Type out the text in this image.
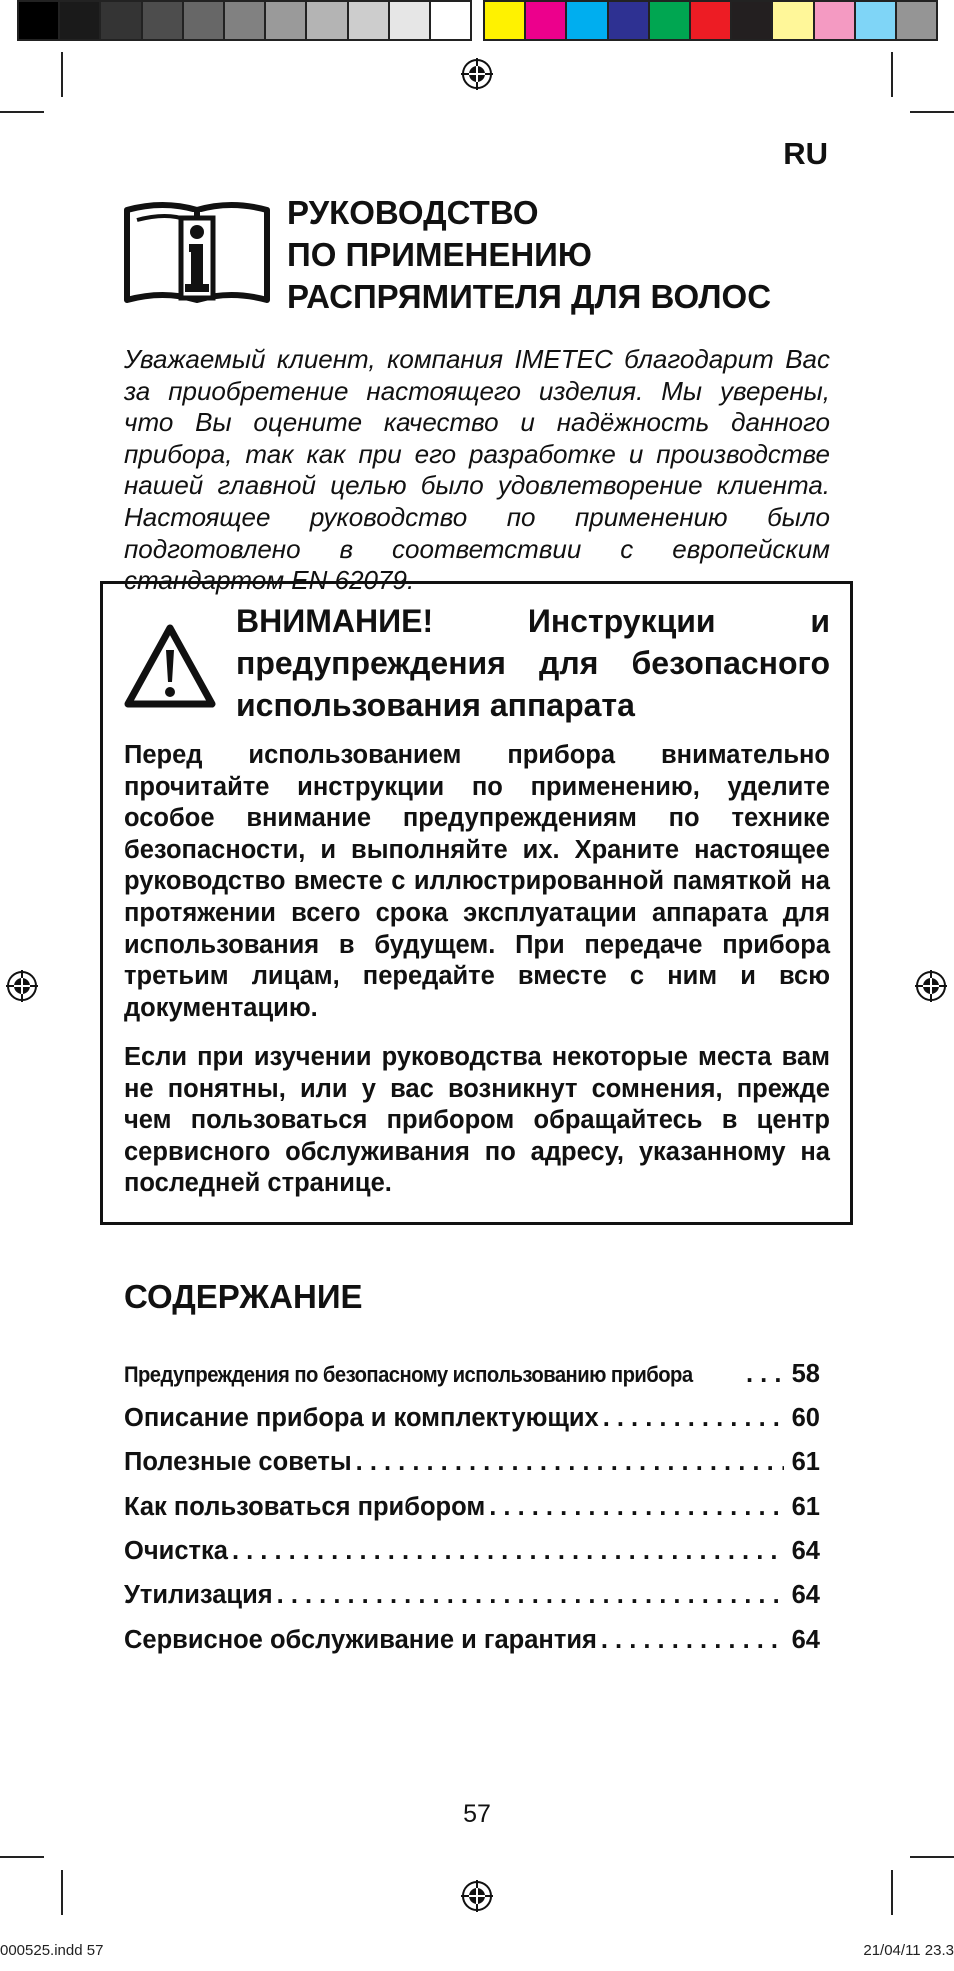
RU
РУКОВОДСТВО
ПО ПРИМЕНЕНИЮ
РАСПРЯМИТЕЛЯ ДЛЯ ВОЛОС
Уважаемый клиент, компания IMETEC благодарит Вас за приобретение настоящего изделия. Мы уверены, что Вы оцените качество и надёжность данного прибора, так как при его разработке и производстве нашей главной целью было удовлетворение клиента. Настоящее руководство по применению было подготовлено в соответствии с европейским стандартом EN 62079.
ВНИМАНИЕ! Инструкции и предупреждения для безопасного использования аппарата
Перед использованием прибора внимательно прочитайте инструкции по применению, уделите особое внимание предупреждениям по технике безопасности, и выполняйте их. Храните настоящее руководство вместе с иллюстрированной памяткой на протяжении всего срока эксплуатации аппарата для использования в будущем. При передаче прибора третьим лицам, передайте вместе с ним и всю документацию.
Если при изучении руководства некоторые места вам не понятны, или у вас возникнут сомнения, прежде чем пользоваться прибором обращайтесь в центр сервисного обслуживания по адресу, указанному на последней странице.
СОДЕРЖАНИЕ
Предупреждения по безопасному использованию прибора . . .	58
Описание прибора и комплектующих . . .	60
Полезные советы . . .	61
Как пользоваться прибором . . .	61
Очистка . . .	64
Утилизация . . .	64
Сервисное обслуживание и гарантия . . .	64
57
000525.indd 57	21/04/11 23.3
